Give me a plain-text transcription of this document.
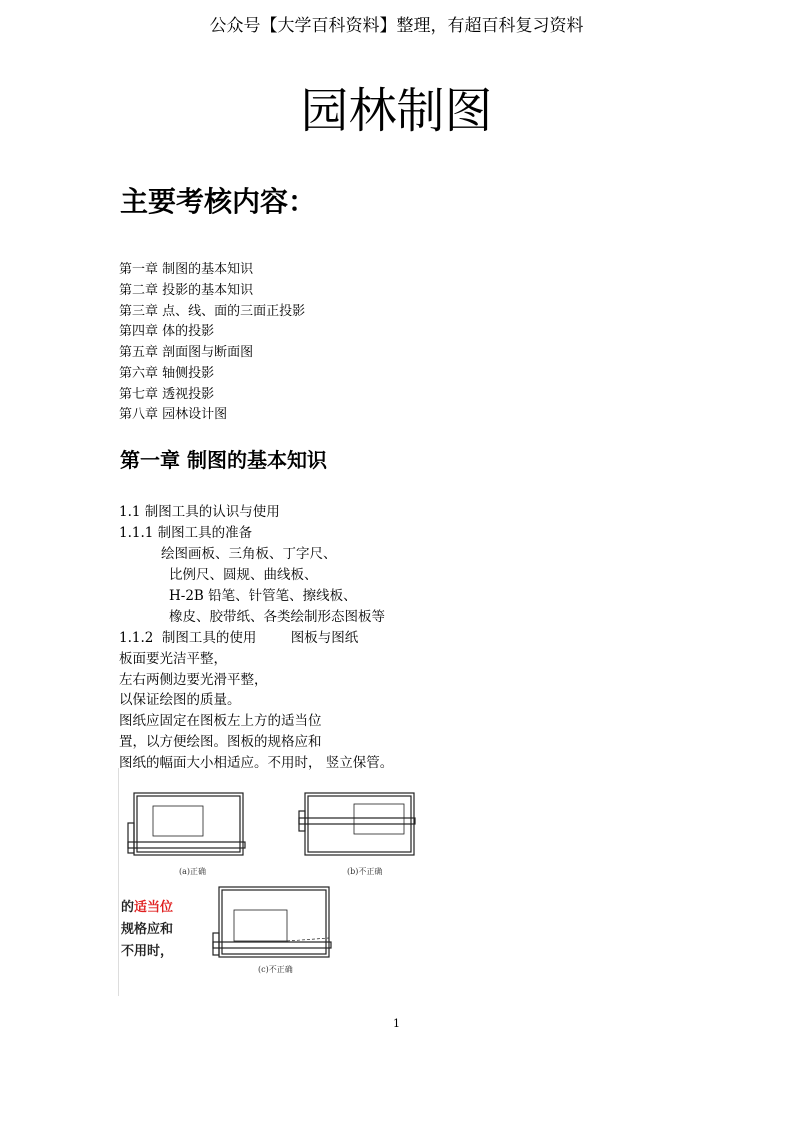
公众号【大学百科资料】整理，有超百科复习资料
园林制图
主要考核内容：
第一章 制图的基本知识
第二章 投影的基本知识
第三章 点、线、面的三面正投影
第四章 体的投影
第五章 剖面图与断面图
第六章 轴侧投影
第七章 透视投影
第八章 园林设计图
第一章 制图的基本知识
1.1 制图工具的认识与使用
1.1.1 制图工具的准备
绘图画板、三角板、丁字尺、
比例尺、圆规、曲线板、
H-2B 铅笔、针管笔、擦线板、
橡皮、胶带纸、各类绘制形态图板等
1.1.2  制图工具的使用        图板与图纸
板面要光洁平整，
左右两侧边要光滑平整，
以保证绘图的质量。
图纸应固定在图板左上方的适当位
置，以方便绘图。图板的规格应和
图纸的幅面大小相适应。不用时， 竖立保管。
(a)正确	(b)不正确
(c)不正确
的适当位
规格应和
不用时，
1
